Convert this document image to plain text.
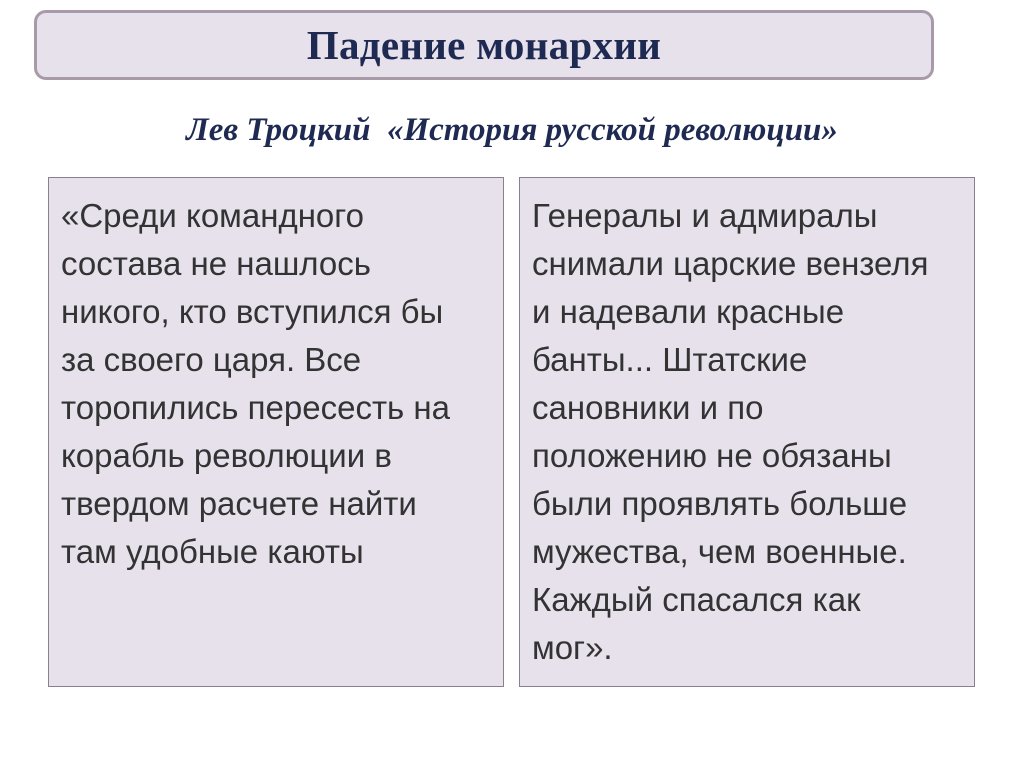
Падение монархии
Лев Троцкий  «История русской революции»

«Среди командного
состава не нашлось
никого, кто вступился бы
за своего царя. Все
торопились пересесть на
корабль революции в
твердом расчете найти
там удобные каюты

Генералы и адмиралы
снимали царские вензеля
и надевали красные
банты... Штатские
сановники и по
положению не обязаны
были проявлять больше
мужества, чем военные.
Каждый спасался как
мог».
